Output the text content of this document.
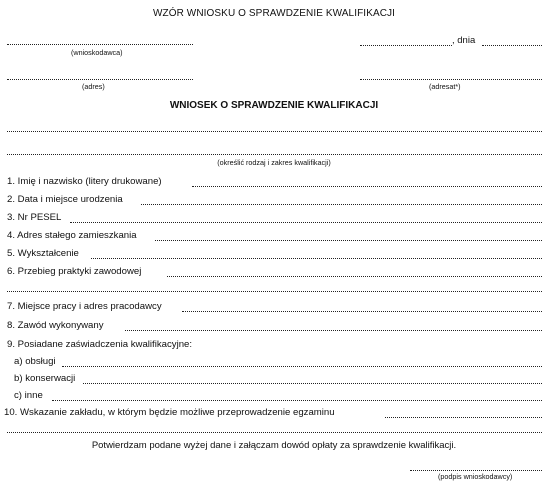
WZÓR WNIOSKU O SPRAWDZENIE KWALIFIKACJI
(wnioskodawca)
, dnia
(adres)	(adresat*)
WNIOSEK O SPRAWDZENIE KWALIFIKACJI
(określić rodzaj i zakres kwalifikacji)
1. Imię i nazwisko (litery drukowane)
2. Data i miejsce urodzenia
3. Nr PESEL
4. Adres stałego zamieszkania
5. Wykształcenie
6. Przebieg praktyki zawodowej
7. Miejsce pracy i adres pracodawcy
8. Zawód wykonywany
9. Posiadane zaświadczenia kwalifikacyjne:
a) obsługi
b) konserwacji
c) inne
10. Wskazanie zakładu, w którym będzie możliwe przeprowadzenie egzaminu
Potwierdzam podane wyżej dane i załączam dowód opłaty za sprawdzenie kwalifikacji.
(podpis wnioskodawcy)
